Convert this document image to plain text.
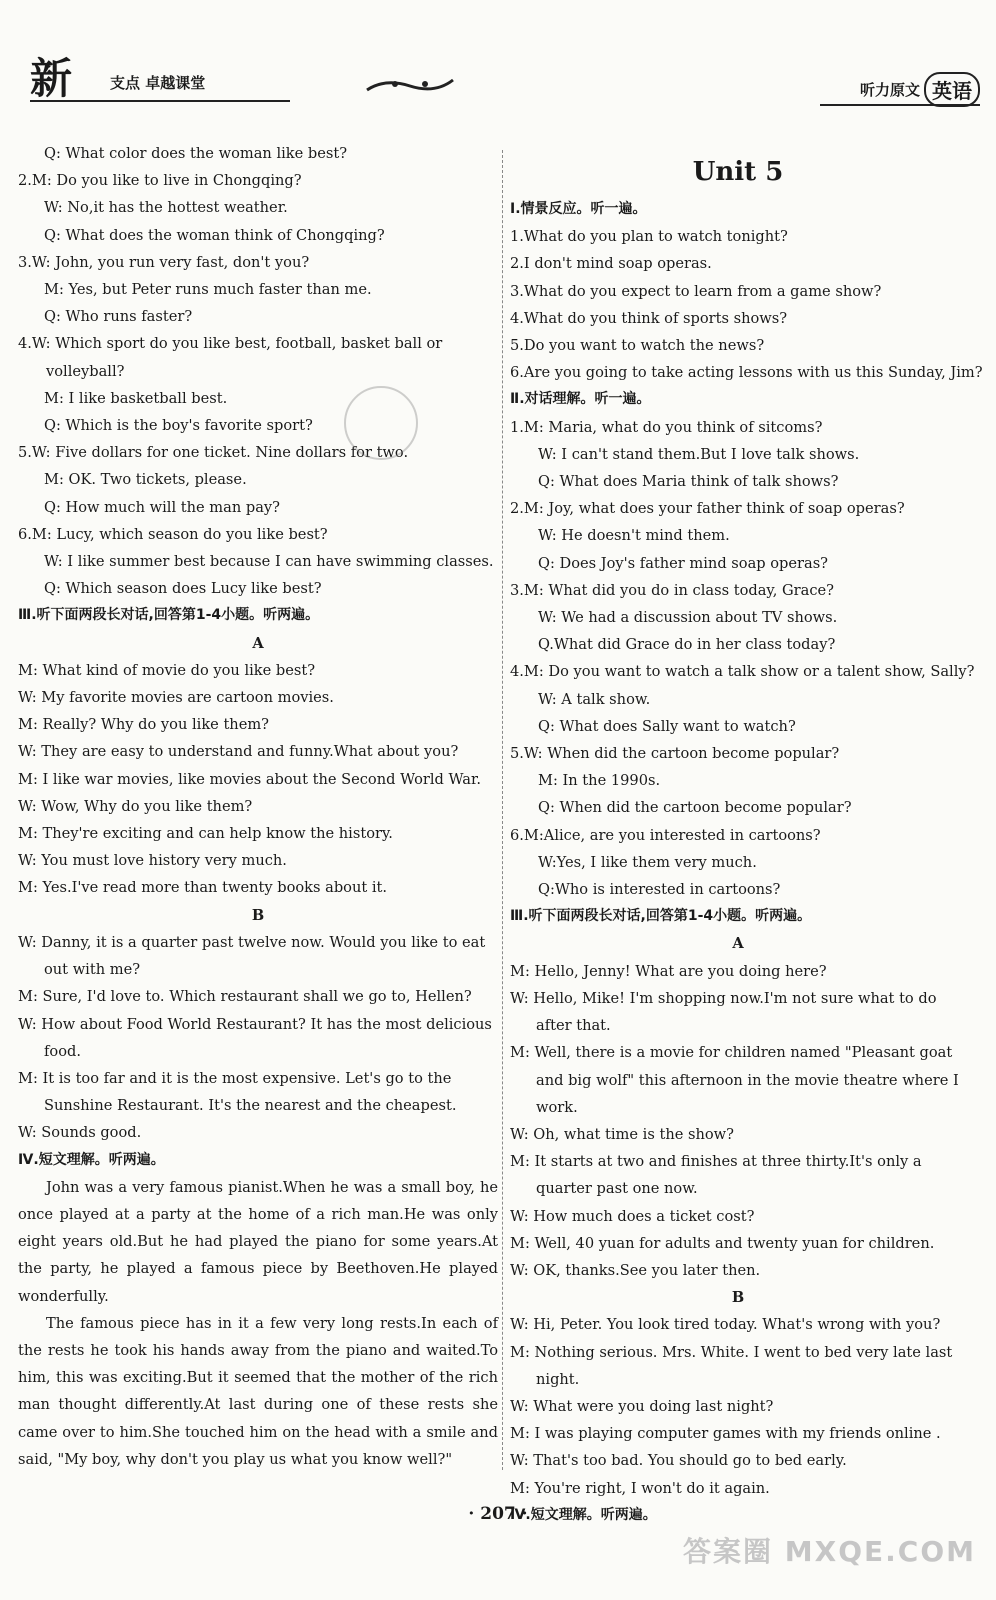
新	支点 卓越课堂	听力原文 英语
Q: What color does the woman like best?
2.M: Do you like to live in Chongqing?
W: No,it has the hottest weather.
Q: What does the woman think of Chongqing?
3.W: John, you run very fast, don't you?
M: Yes, but Peter runs much faster than me.
Q: Who runs faster?
4.W: Which sport do you like best, football, basket ball or volleyball?
M: I like basketball best.
Q: Which is the boy's favorite sport?
5.W: Five dollars for one ticket. Nine dollars for two.
M: OK. Two tickets, please.
Q: How much will the man pay?
6.M: Lucy, which season do you like best?
W: I like summer best because I can have swimming classes.
Q: Which season does Lucy like best?
Ⅲ.听下面两段长对话,回答第1-4小题。听两遍。
A
M: What kind of movie do you like best?
W: My favorite movies are cartoon movies.
M: Really? Why do you like them?
W: They are easy to understand and funny.What about you?
M: I like war movies, like movies about the Second World War.
W: Wow, Why do you like them?
M: They're exciting and can help know the history.
W: You must love history very much.
M: Yes.I've read more than twenty books about it.
B
W: Danny, it is a quarter past twelve now. Would you like to eat out with me?
M: Sure, I'd love to. Which restaurant shall we go to, Hellen?
W: How about Food World Restaurant? It has the most delicious food.
M: It is too far and it is the most expensive. Let's go to the Sunshine Restaurant. It's the nearest and the cheapest.
W: Sounds good.
Ⅳ.短文理解。听两遍。
John was a very famous pianist.When he was a small boy, he once played at a party at the home of a rich man.He was only eight years old.But he had played the piano for some years.At the party, he played a famous piece by Beethoven.He played wonderfully.
The famous piece has in it a few very long rests.In each of the rests he took his hands away from the piano and waited.To him, this was exciting.But it seemed that the mother of the rich man thought differently.At last during one of these rests she came over to him.She touched him on the head with a smile and said, "My boy, why don't you play us what you know well?"
Unit 5
Ⅰ.情景反应。听一遍。
1.What do you plan to watch tonight?
2.I don't mind soap operas.
3.What do you expect to learn from a game show?
4.What do you think of sports shows?
5.Do you want to watch the news?
6.Are you going to take acting lessons with us this Sunday, Jim?
Ⅱ.对话理解。听一遍。
1.M: Maria, what do you think of sitcoms?
W: I can't stand them.But I love talk shows.
Q: What does Maria think of talk shows?
2.M: Joy, what does your father think of soap operas?
W: He doesn't mind them.
Q: Does Joy's father mind soap operas?
3.M: What did you do in class today, Grace?
W: We had a discussion about TV shows.
Q.What did Grace do in her class today?
4.M: Do you want to watch a talk show or a talent show, Sally?
W: A talk show.
Q: What does Sally want to watch?
5.W: When did the cartoon become popular?
M: In the 1990s.
Q: When did the cartoon become popular?
6.M:Alice, are you interested in cartoons?
W:Yes, I like them very much.
Q:Who is interested in cartoons?
Ⅲ.听下面两段长对话,回答第1-4小题。听两遍。
A
M: Hello, Jenny! What are you doing here?
W: Hello, Mike! I'm shopping now.I'm not sure what to do after that.
M: Well, there is a movie for children named "Pleasant goat and big wolf" this afternoon in the movie theatre where I work.
W: Oh, what time is the show?
M: It starts at two and finishes at three thirty.It's only a quarter past one now.
W: How much does a ticket cost?
M: Well, 40 yuan for adults and twenty yuan for children.
W: OK, thanks.See you later then.
B
W: Hi, Peter. You look tired today. What's wrong with you?
M: Nothing serious. Mrs. White. I went to bed very late last night.
W: What were you doing last night?
M: I was playing computer games with my friends online .
W: That's too bad. You should go to bed early.
M: You're right, I won't do it again.
Ⅳ.短文理解。听两遍。
· 207 ·
答案圈 MXQE.COM
